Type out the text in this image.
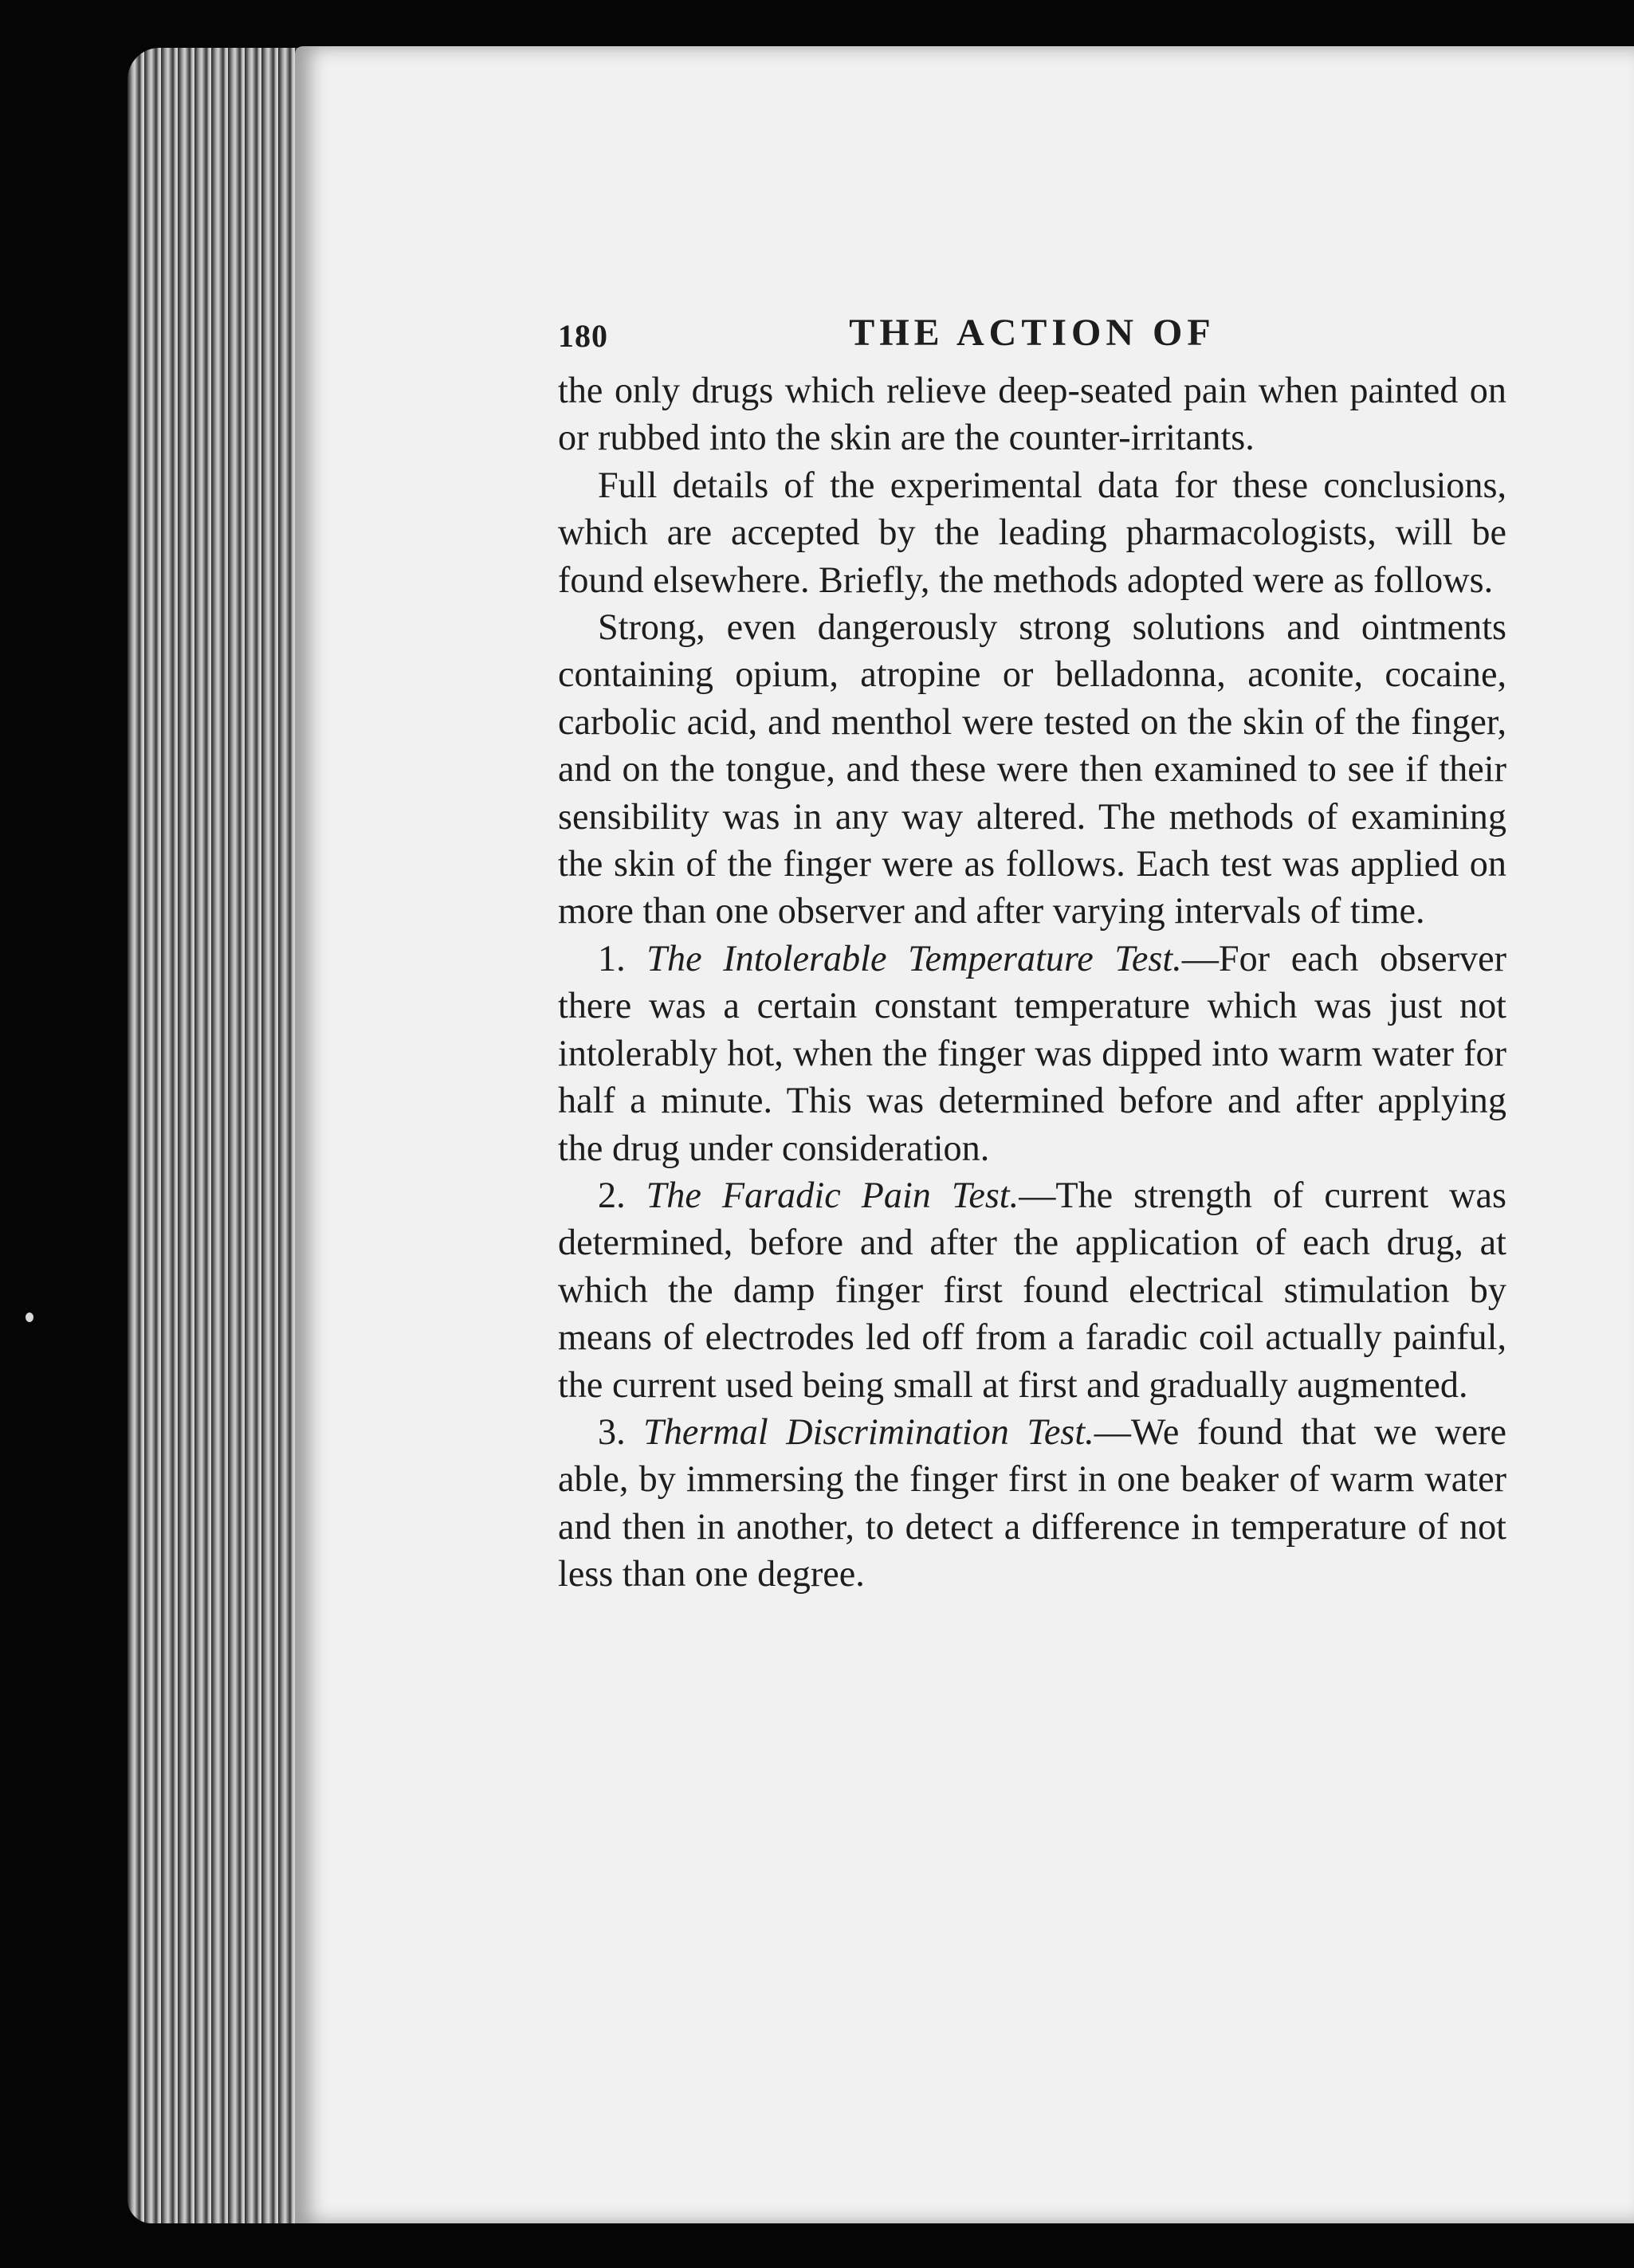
180	THE ACTION OF

the only drugs which relieve deep-seated pain when painted on or rubbed into the skin are the counter-irritants.

Full details of the experimental data for these conclusions, which are accepted by the leading pharmacologists, will be found elsewhere. Briefly, the methods adopted were as follows.

Strong, even dangerously strong solutions and ointments containing opium, atropine or belladonna, aconite, cocaine, carbolic acid, and menthol were tested on the skin of the finger, and on the tongue, and these were then examined to see if their sensibility was in any way altered. The methods of examining the skin of the finger were as follows. Each test was applied on more than one observer and after varying intervals of time.

1. The Intolerable Temperature Test.—For each observer there was a certain constant temperature which was just not intolerably hot, when the finger was dipped into warm water for half a minute. This was determined before and after applying the drug under consideration.

2. The Faradic Pain Test.—The strength of current was determined, before and after the application of each drug, at which the damp finger first found electrical stimulation by means of electrodes led off from a faradic coil actually painful, the current used being small at first and gradually augmented.

3. Thermal Discrimination Test.—We found that we were able, by immersing the finger first in one beaker of warm water and then in another, to detect a difference in temperature of not less than one degree.
